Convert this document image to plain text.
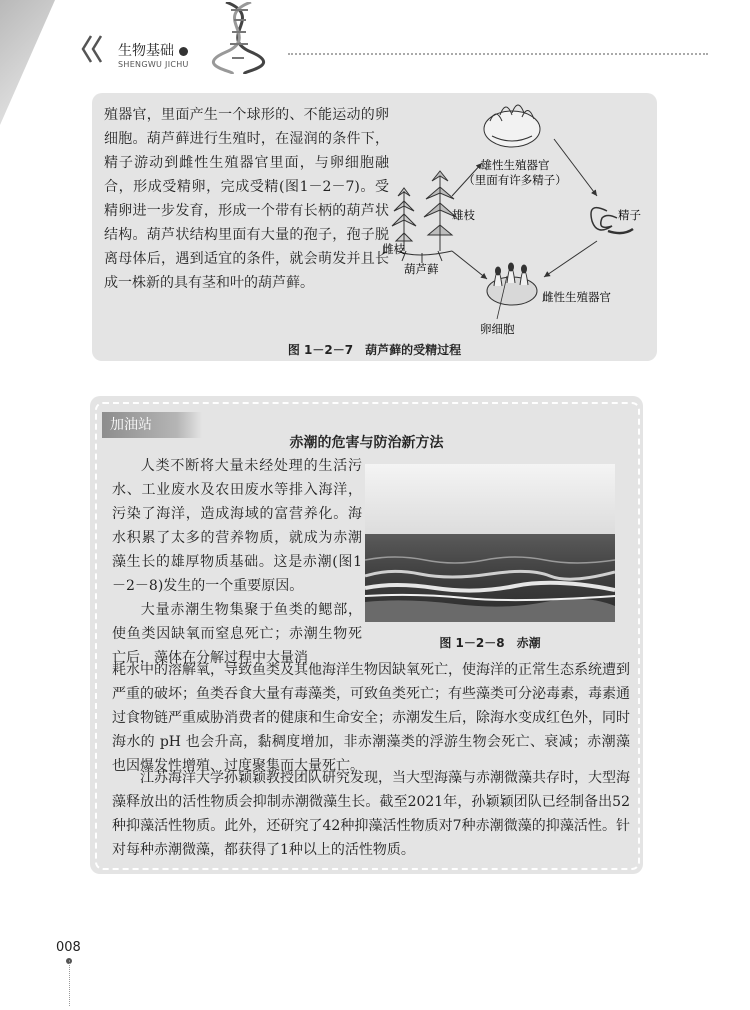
生物基础
SHENGWU JICHU
殖器官，里面产生一个球形的、不能运动的卵细胞。葫芦藓进行生殖时，在湿润的条件下，精子游动到雌性生殖器官里面，与卵细胞融合，形成受精卵，完成受精(图1－2－7)。受精卵进一步发育，形成一个带有长柄的葫芦状结构。葫芦状结构里面有大量的孢子，孢子脱离母体后，遇到适宜的条件，就会萌发并且长成一株新的具有茎和叶的葫芦藓。
雄性生殖器官
（里面有许多精子）
雄枝
雌枝
葫芦藓
精子
雌性生殖器官
卵细胞
图 1－2－7　葫芦藓的受精过程
加油站
赤潮的危害与防治新方法
人类不断将大量未经处理的生活污水、工业废水及农田废水等排入海洋，污染了海洋，造成海域的富营养化。海水积累了太多的营养物质，就成为赤潮藻生长的雄厚物质基础。这是赤潮(图1－2－8)发生的一个重要原因。
大量赤潮生物集聚于鱼类的鳃部，使鱼类因缺氧而窒息死亡；赤潮生物死亡后，藻体在分解过程中大量消
耗水中的溶解氧，导致鱼类及其他海洋生物因缺氧死亡，使海洋的正常生态系统遭到严重的破坏；鱼类吞食大量有毒藻类，可致鱼类死亡；有些藻类可分泌毒素，毒素通过食物链严重威胁消费者的健康和生命安全；赤潮发生后，除海水变成红色外，同时海水的 pH 也会升高，黏稠度增加，非赤潮藻类的浮游生物会死亡、衰减；赤潮藻也因爆发性增殖、过度聚集而大量死亡。
江苏海洋大学孙颖颖教授团队研究发现，当大型海藻与赤潮微藻共存时，大型海藻释放出的活性物质会抑制赤潮微藻生长。截至2021年，孙颖颖团队已经制备出52种抑藻活性物质。此外，还研究了42种抑藻活性物质对7种赤潮微藻的抑藻活性。针对每种赤潮微藻，都获得了1种以上的活性物质。
图 1－2－8　赤潮
008
